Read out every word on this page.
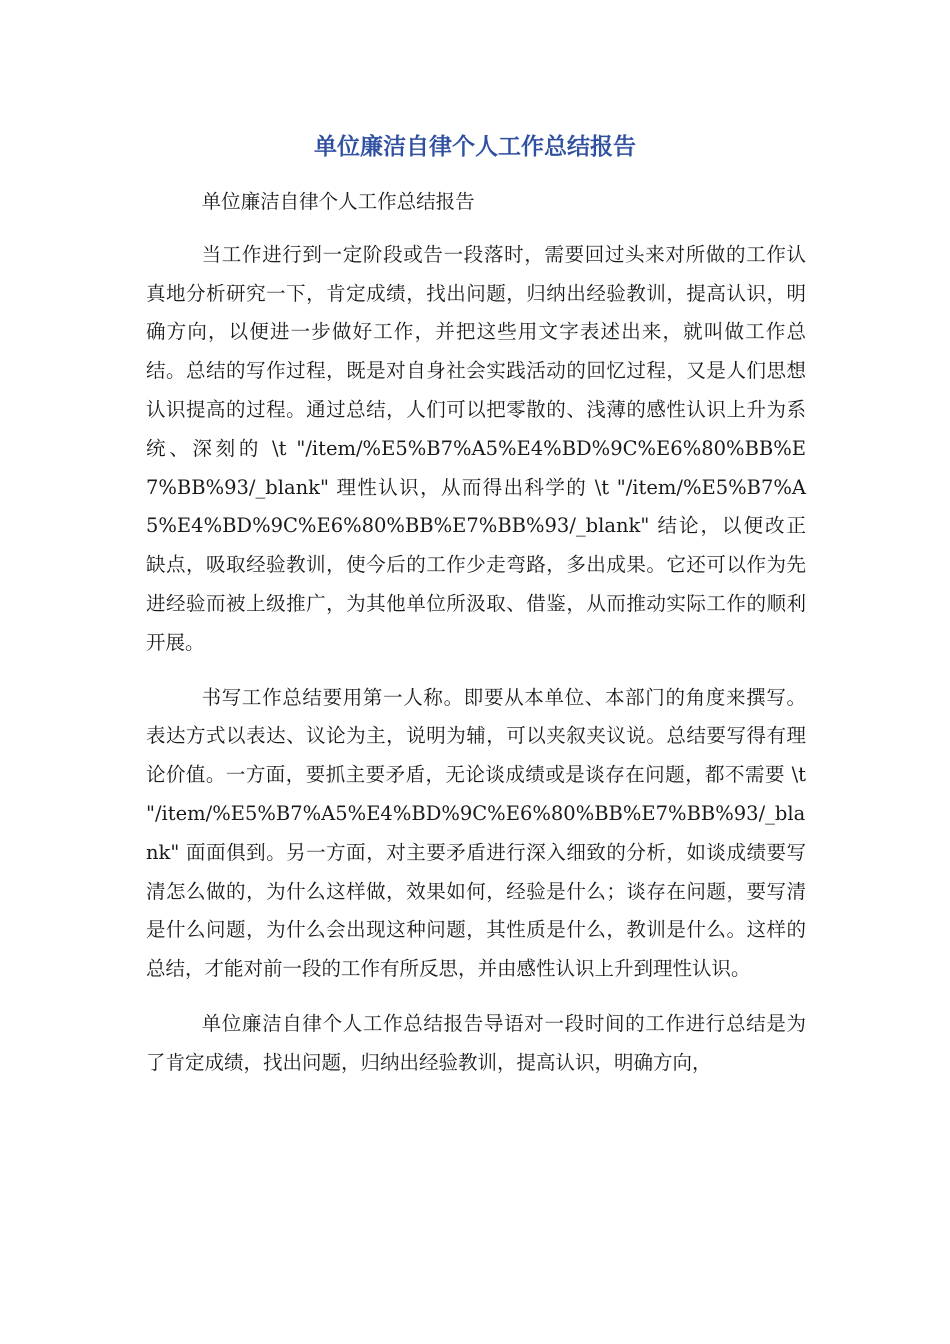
单位廉洁自律个人工作总结报告

单位廉洁自律个人工作总结报告

当工作进行到一定阶段或告一段落时，需要回过头来对所做的工作认真地分析研究一下，肯定成绩，找出问题，归纳出经验教训，提高认识，明确方向，以便进一步做好工作，并把这些用文字表述出来，就叫做工作总结。总结的写作过程，既是对自身社会实践活动的回忆过程，又是人们思想认识提高的过程。通过总结，人们可以把零散的、浅薄的感性认识上升为系统、深刻的 \t "/item/%E5%B7%A5%E4%BD%9C%E6%80%BB%E7%BB%93/_blank" 理性认识，从而得出科学的 \t "/item/%E5%B7%A5%E4%BD%9C%E6%80%BB%E7%BB%93/_blank" 结论，以便改正缺点，吸取经验教训，使今后的工作少走弯路，多出成果。它还可以作为先进经验而被上级推广，为其他单位所汲取、借鉴，从而推动实际工作的顺利开展。

书写工作总结要用第一人称。即要从本单位、本部门的角度来撰写。表达方式以表达、议论为主，说明为辅，可以夹叙夹议说。总结要写得有理论价值。一方面，要抓主要矛盾，无论谈成绩或是谈存在问题，都不需要 \t "/item/%E5%B7%A5%E4%BD%9C%E6%80%BB%E7%BB%93/_blank" 面面俱到。另一方面，对主要矛盾进行深入细致的分析，如谈成绩要写清怎么做的，为什么这样做，效果如何，经验是什么；谈存在问题，要写清是什么问题，为什么会出现这种问题，其性质是什么，教训是什么。这样的总结，才能对前一段的工作有所反思，并由感性认识上升到理性认识。

单位廉洁自律个人工作总结报告导语对一段时间的工作进行总结是为了肯定成绩，找出问题，归纳出经验教训，提高认识，明确方向，
